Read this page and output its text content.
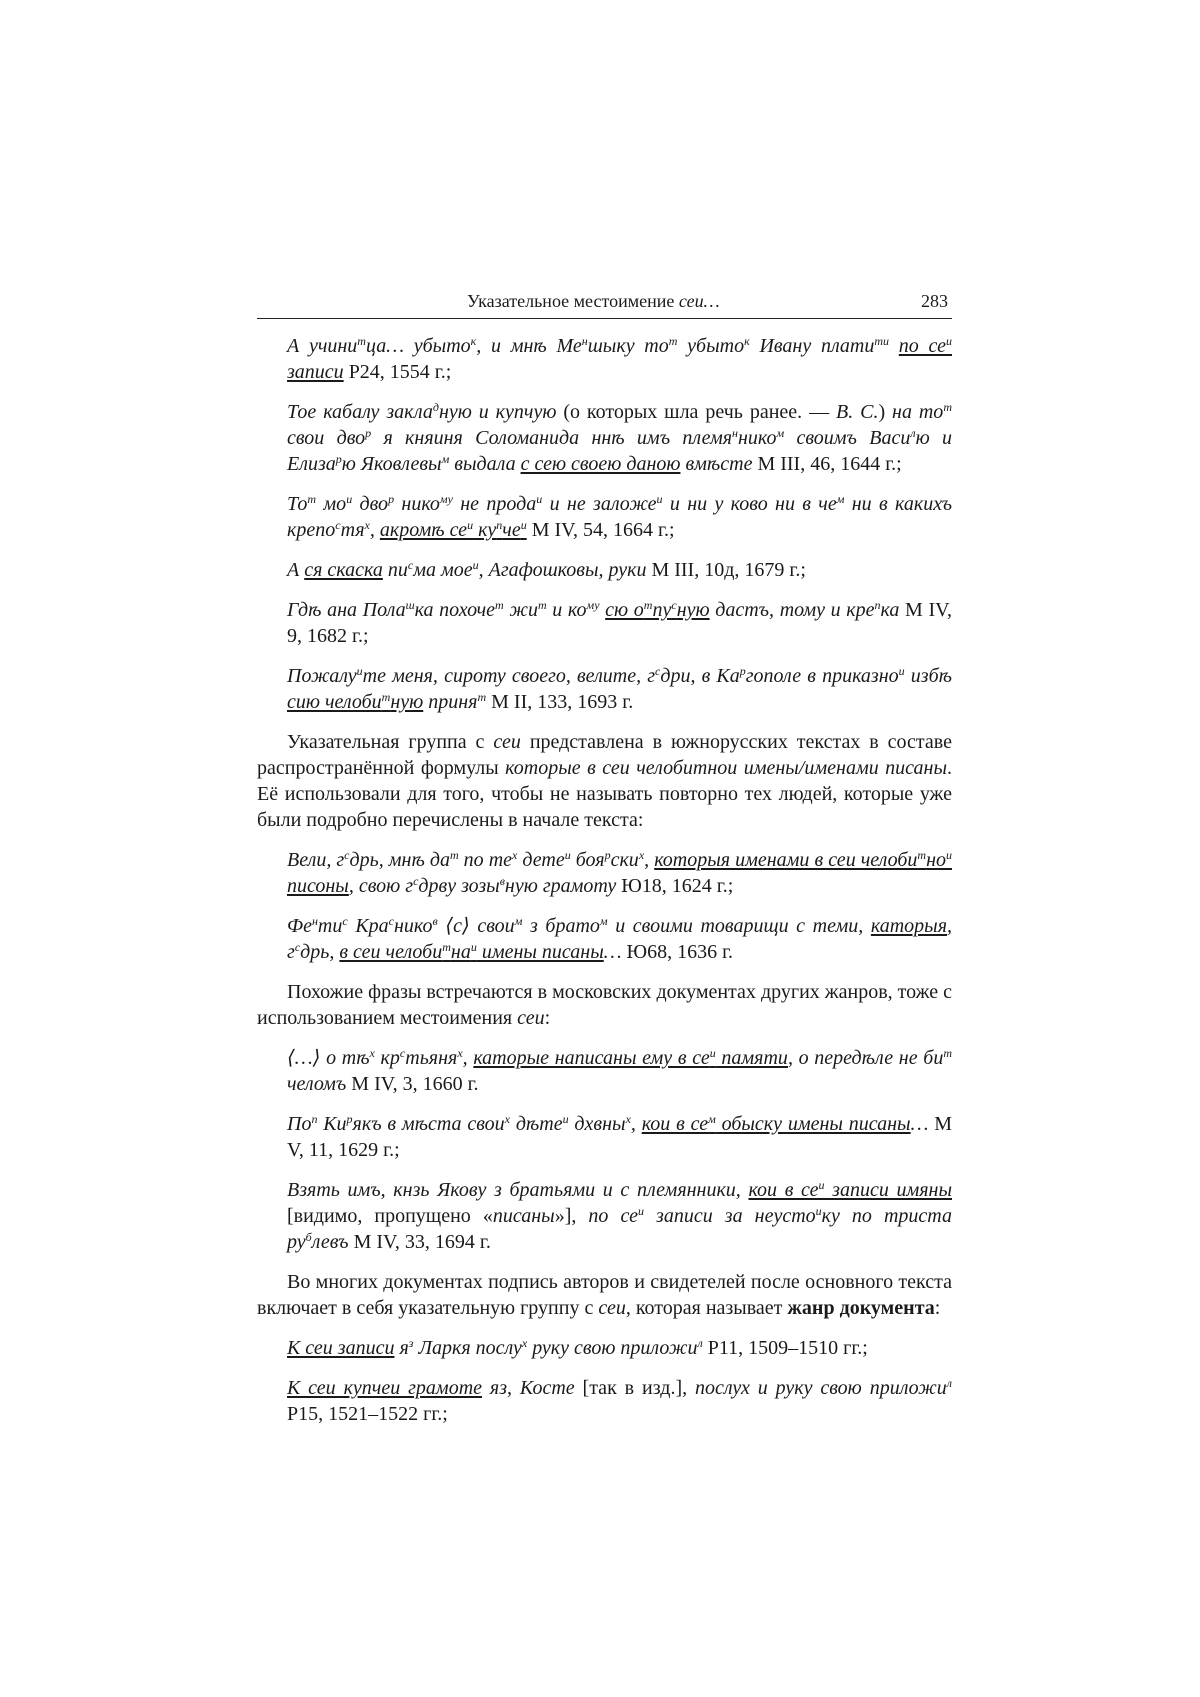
Указательное местоимение сеи…	283

А учини$^т$ца… убыто$^к$, и мнѣ $Ме^ншыку$ $то^т$ убыто$^к$ Ивану плати$^{ти}$ по $се^и$ записи Р24, 1554 г.;

Тое кабалу закла$^д$ную и купчую (о которых шла речь ранее. — В. С.) на $то^т$ свои дво$^р$ я княиня Соломанида ннѣ имъ племя$^н$нико$^м$ своимъ Васи$^л$ю и Елиза$^р$ю Яковлевы$^м$ выдала с сею своею даною вмѣсте М III, 46, 1644 г.;

$То^т$ $мо^и$ дво$^р$ нико$^{му}$ не прода$^и$ и не заложе$^и$ и ни у ково ни в $че^м$ ни в какихъ $крепо^стя^х$, акромѣ $се^и$ $ку^пче^и$ М IV, 54, 1664 г.;

А ся скаска $пи^сма$ мое$^и$, Агафошковы, руки М III, 10д, 1679 г.;

Гдѣ ана Пола$^ш$ка похоче$^т$ $жи^т$ и $ко^{му}$ сю $о^тпу^сную$ дастъ, тому и кре$^п$ка М IV, 9, 1682 г.;

Пожалу$^и$те меня, сироту своего, велите, $г^сдри$, в $Ка^ргополе$ в приказно$^и$ избѣ сию челоби$^т$ную приня$^т$ М II, 133, 1693 г.

Указательная группа с сеи представлена в южнорусских текстах в составе распространённой формулы которые в сеи челобитнои имены/именами писаны. Её использовали для того, чтобы не называть повторно тех людей, которые уже были подробно перечислены в начале текста:

Вели, $г^сдрь$, мнѣ $да^т$ по $те^х$ дете$^и$ боя$^р$ски$^х$, которыя именами в сеи $челоби^тно^и$ писоны, свою $г^сдрву$ зозы$^в$ную грамоту Ю18, 1624 г.;

$Фе^нти^с$ Кра$^с$нико$^в$ ⟨с⟩ свои$^м$ з брато$^м$ и своими товарищи с теми, каторыя, $г^сдрь$, в сеи $челоби^тна^и$ имены писаны… Ю68, 1636 г.

Похожие фразы встречаются в московских документах других жанров, тоже с использованием местоимения сеи:

⟨…⟩ о $тѣ^х$ $кр^стьяня^х$, каторые написаны ему в $се^и$ памяти, о передѣле не $би^т$ челомъ М IV, 3, 1660 г.

$По^п$ $Ки^рякъ$ в мѣста свои$^х$ дѣте$^и$ дхвны$^х$, кои в $се^м$ обыску имены писаны… М V, 11, 1629 г.;

Взять имъ, кнзь Якову з братьями и с племянники, кои в $се^и$ записи имяны [видимо, пропущено «писаны»], по $се^и$ записи за неусто$^и$ку по триста $ру^блевъ$ М IV, 33, 1694 г.

Во многих документах подпись авторов и свидетелей после основного текста включает в себя указательную группу с сеи, которая называет жанр документа:

К сеи записи $я^з$ Ларкя послу$^х$ руку свою приложи$^л$ Р11, 1509–1510 гг.;

К сеи купчеи грамоте яз, Косте [так в изд.], послух и руку свою приложи$^л$ Р15, 1521–1522 гг.;
